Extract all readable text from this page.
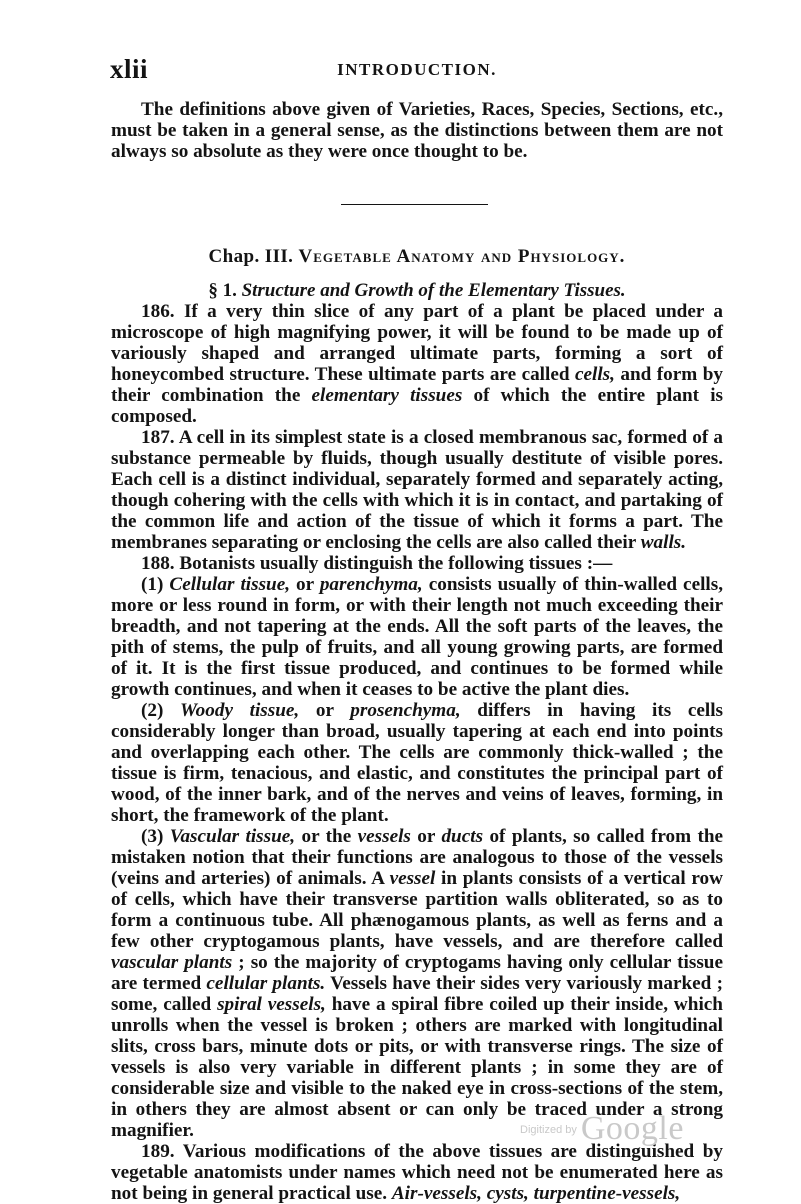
xlii	INTRODUCTION.

The definitions above given of Varieties, Races, Species, Sections, etc., must be taken in a general sense, as the distinctions between them are not always so absolute as they were once thought to be.

Chap. III. Vegetable Anatomy and Physiology.
§ 1. Structure and Growth of the Elementary Tissues.

186. If a very thin slice of any part of a plant be placed under a microscope of high magnifying power, it will be found to be made up of variously shaped and arranged ultimate parts, forming a sort of honeycombed structure. These ultimate parts are called cells, and form by their combination the elementary tissues of which the entire plant is composed.

187. A cell in its simplest state is a closed membranous sac, formed of a substance permeable by fluids, though usually destitute of visible pores. Each cell is a distinct individual, separately formed and separately acting, though cohering with the cells with which it is in contact, and partaking of the common life and action of the tissue of which it forms a part. The membranes separating or enclosing the cells are also called their walls.

188. Botanists usually distinguish the following tissues :—

(1) Cellular tissue, or parenchyma, consists usually of thin-walled cells, more or less round in form, or with their length not much exceeding their breadth, and not tapering at the ends. All the soft parts of the leaves, the pith of stems, the pulp of fruits, and all young growing parts, are formed of it. It is the first tissue produced, and continues to be formed while growth continues, and when it ceases to be active the plant dies.

(2) Woody tissue, or prosenchyma, differs in having its cells considerably longer than broad, usually tapering at each end into points and overlapping each other. The cells are commonly thick-walled ; the tissue is firm, tenacious, and elastic, and constitutes the principal part of wood, of the inner bark, and of the nerves and veins of leaves, forming, in short, the framework of the plant.

(3) Vascular tissue, or the vessels or ducts of plants, so called from the mistaken notion that their functions are analogous to those of the vessels (veins and arteries) of animals. A vessel in plants consists of a vertical row of cells, which have their transverse partition walls obliterated, so as to form a continuous tube. All phænogamous plants, as well as ferns and a few other cryptogamous plants, have vessels, and are therefore called vascular plants ; so the majority of cryptogams having only cellular tissue are termed cellular plants. Vessels have their sides very variously marked ; some, called spiral vessels, have a spiral fibre coiled up their inside, which unrolls when the vessel is broken ; others are marked with longitudinal slits, cross bars, minute dots or pits, or with transverse rings. The size of vessels is also very variable in different plants ; in some they are of considerable size and visible to the naked eye in cross-sections of the stem, in others they are almost absent or can only be traced under a strong magnifier.

189. Various modifications of the above tissues are distinguished by vegetable anatomists under names which need not be enumerated here as not being in general practical use. Air-vessels, cysts, turpentine-vessels,

$^{Digitized by}$ Google
